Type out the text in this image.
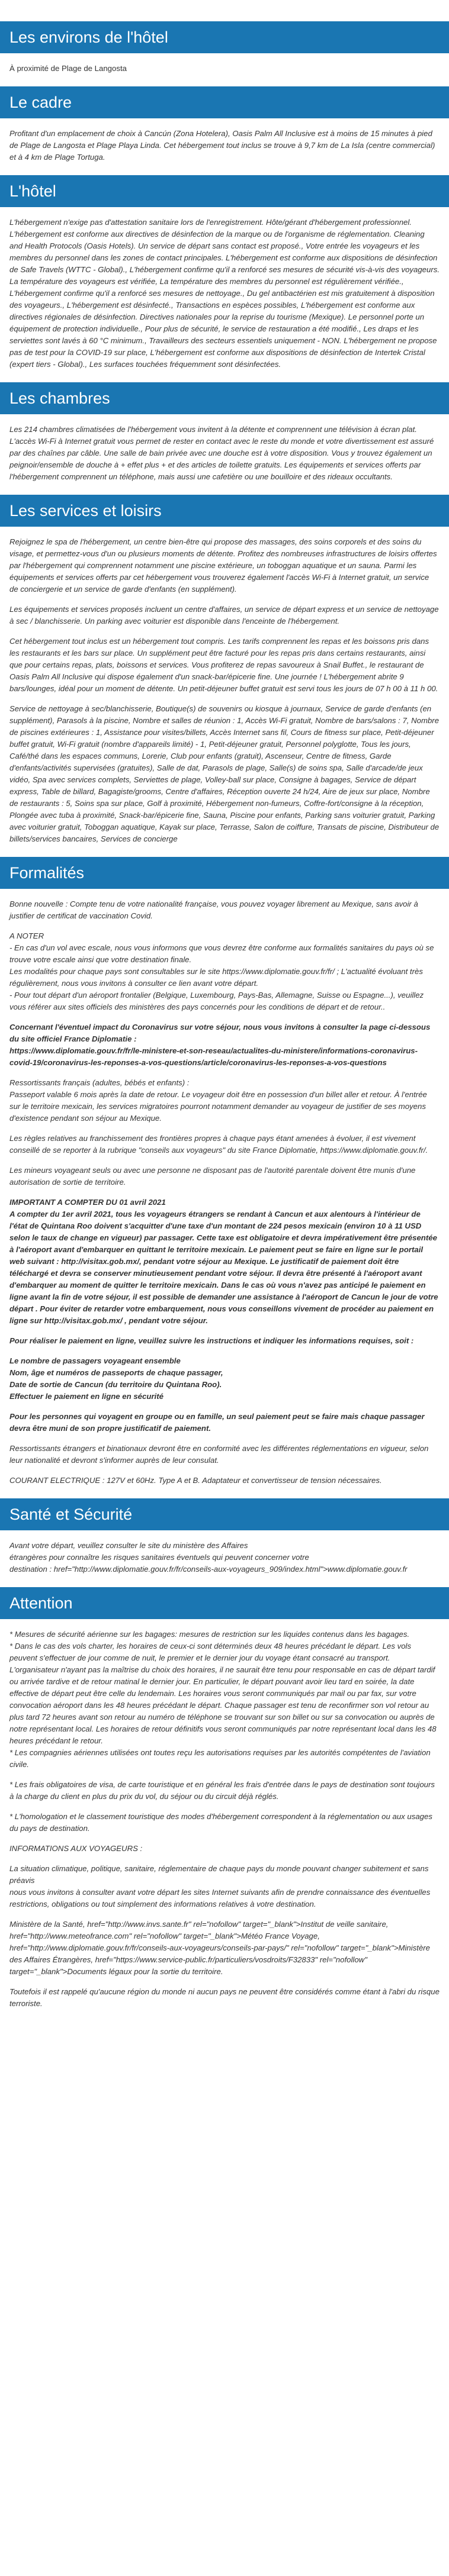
Les environs de l'hôtel

À proximité de Plage de Langosta

Le cadre

Profitant d'un emplacement de choix à Cancún (Zona Hotelera), Oasis Palm All Inclusive est à moins de 15 minutes à pied de Plage de Langosta et Plage Playa Linda. Cet hébergement tout inclus se trouve à 9,7 km de La Isla (centre commercial) et à 4 km de Plage Tortuga.

L'hôtel

L'hébergement n'exige pas d'attestation sanitaire lors de l'enregistrement. Hôte/gérant d'hébergement professionnel. L'hébergement est conforme aux directives de désinfection de la marque ou de l'organisme de réglementation. Cleaning and Health Protocols (Oasis Hotels). Un service de départ sans contact est proposé., Votre entrée les voyageurs et les membres du personnel dans les zones de contact principales. L'hébergement est conforme aux dispositions de désinfection de Safe Travels (WTTC - Global)., L'hébergement confirme qu'il a renforcé ses mesures de sécurité vis-à-vis des voyageurs. La température des voyageurs est vérifiée, La température des membres du personnel est régulièrement vérifiée., L'hébergement confirme qu'il a renforcé ses mesures de nettoyage., Du gel antibactérien est mis gratuitement à disposition des voyageurs., L'hébergement est désinfecté., Transactions en espèces possibles, L'hébergement est conforme aux directives régionales de désinfection. Directives nationales pour la reprise du tourisme (Mexique). Le personnel porte un équipement de protection individuelle., Pour plus de sécurité, le service de restauration a été modifié., Les draps et les serviettes sont lavés à 60 °C minimum., Travailleurs des secteurs essentiels uniquement - NON. L'hébergement ne propose pas de test pour la COVID-19 sur place, L'hébergement est conforme aux dispositions de désinfection de Intertek Cristal (expert tiers - Global)., Les surfaces touchées fréquemment sont désinfectées.

Les chambres

Les 214 chambres climatisées de l'hébergement vous invitent à la détente et comprennent une télévision à écran plat. L'accès Wi-Fi à Internet gratuit vous permet de rester en contact avec le reste du monde et votre divertissement est assuré par des chaînes par câble. Une salle de bain privée avec une douche est à votre disposition. Vous y trouvez également un peignoir/ensemble de douche à + effet plus + et des articles de toilette gratuits. Les équipements et services offerts par l'hébergement comprennent un téléphone, mais aussi une cafetière ou une bouilloire et des rideaux occultants.

Les services et loisirs

Rejoignez le spa de l'hébergement, un centre bien-être qui propose des massages, des soins corporels et des soins du visage, et permettez-vous d'un ou plusieurs moments de détente. Profitez des nombreuses infrastructures de loisirs offertes par l'hébergement qui comprennent notamment une piscine extérieure, un toboggan aquatique et un sauna. Parmi les équipements et services offerts par cet hébergement vous trouverez également l'accès Wi-Fi à Internet gratuit, un service de conciergerie et un service de garde d'enfants (en supplément).

Les équipements et services proposés incluent un centre d'affaires, un service de départ express et un service de nettoyage à sec / blanchisserie. Un parking avec voiturier est disponible dans l'enceinte de l'hébergement.

Cet hébergement tout inclus est un hébergement tout compris. Les tarifs comprennent les repas et les boissons pris dans les restaurants et les bars sur place. Un supplément peut être facturé pour les repas pris dans certains restaurants, ainsi que pour certains repas, plats, boissons et services. Vous profiterez de repas savoureux à Snail Buffet., le restaurant de Oasis Palm All Inclusive qui dispose également d'un snack-bar/épicerie fine. Une journée ! L'hébergement abrite 9 bars/lounges, idéal pour un moment de détente. Un petit-déjeuner buffet gratuit est servi tous les jours de 07 h 00 à 11 h 00.

Service de nettoyage à sec/blanchisserie, Boutique(s) de souvenirs ou kiosque à journaux, Service de garde d'enfants (en supplément), Parasols à la piscine, Nombre et salles de réunion : 1, Accès Wi-Fi gratuit, Nombre de bars/salons : 7, Nombre de piscines extérieures : 1, Assistance pour visites/billets, Accès Internet sans fil, Cours de fitness sur place, Petit-déjeuner buffet gratuit, Wi-Fi gratuit (nombre d'appareils limité) - 1, Petit-déjeuner gratuit, Personnel polyglotte, Tous les jours, Café/thé dans les espaces communs, Lorerie, Club pour enfants (gratuit), Ascenseur, Centre de fitness, Garde d'enfants/activités supervisées (gratuites), Salle de dat, Parasols de plage, Salle(s) de soins spa, Salle d'arcade/de jeux vidéo, Spa avec services complets, Serviettes de plage, Volley-ball sur place, Consigne à bagages, Service de départ express, Table de billard, Bagagiste/grooms, Centre d'affaires, Réception ouverte 24 h/24, Aire de jeux sur place, Nombre de restaurants : 5, Soins spa sur place, Golf à proximité, Hébergement non-fumeurs, Coffre-fort/consigne à la réception, Plongée avec tuba à proximité, Snack-bar/épicerie fine, Sauna, Piscine pour enfants, Parking sans voiturier gratuit, Parking avec voiturier gratuit, Toboggan aquatique, Kayak sur place, Terrasse, Salon de coiffure, Transats de piscine, Distributeur de billets/services bancaires, Services de concierge

Formalités

Bonne nouvelle : Compte tenu de votre nationalité française, vous pouvez voyager librement au Mexique, sans avoir à justifier de certificat de vaccination Covid.

A NOTER
- En cas d'un vol avec escale, nous vous informons que vous devrez être conforme aux formalités sanitaires du pays où se trouve votre escale ainsi que votre destination finale.
Les modalités pour chaque pays sont consultables sur le site https://www.diplomatie.gouv.fr/fr/ ; L'actualité évoluant très régulièrement, nous vous invitons à consulter ce lien avant votre départ.
- Pour tout départ d'un aéroport frontalier (Belgique, Luxembourg, Pays-Bas, Allemagne, Suisse ou Espagne...), veuillez vous référer aux sites officiels des ministères des pays concernés pour les conditions de départ et de retour..

Concernant l'éventuel impact du Coronavirus sur votre séjour, nous vous invitons à consulter la page ci-dessous du site officiel France Diplomatie :
https://www.diplomatie.gouv.fr/fr/le-ministere-et-son-reseau/actualites-du-ministere/informations-coronavirus-covid-19/coronavirus-les-reponses-a-vos-questions/article/coronavirus-les-reponses-a-vos-questions

Ressortissants français (adultes, bébés et enfants) :
Passeport valable 6 mois après la date de retour. Le voyageur doit être en possession d'un billet aller et retour. À l'entrée sur le territoire mexicain, les services migratoires pourront notamment demander au voyageur de justifier de ses moyens d'existence pendant son séjour au Mexique.

Les règles relatives au franchissement des frontières propres à chaque pays étant amenées à évoluer, il est vivement conseillé de se reporter à la rubrique "conseils aux voyageurs" du site France Diplomatie, https://www.diplomatie.gouv.fr/.

Les mineurs voyageant seuls ou avec une personne ne disposant pas de l'autorité parentale doivent être munis d'une autorisation de sortie de territoire.

IMPORTANT A COMPTER DU 01 avril 2021
A compter du 1er avril 2021, tous les voyageurs étrangers se rendant à Cancun et aux alentours à l'intérieur de l'état de Quintana Roo doivent s'acquitter d'une taxe d'un montant de 224 pesos mexicain (environ 10 à 11 USD selon le taux de change en vigueur) par passager. Cette taxe est obligatoire et devra impérativement être présentée à l'aéroport avant d'embarquer en quittant le territoire mexicain. Le paiement peut se faire en ligne sur le portail web suivant : http://visitax.gob.mx/, pendant votre séjour au Mexique. Le justificatif de paiement doit être téléchargé et devra se conserver minutieusement pendant votre séjour. Il devra être présenté à l'aéroport avant d'embarquer au moment de quitter le territoire mexicain. Dans le cas où vous n'avez pas anticipé le paiement en ligne avant la fin de votre séjour, il est possible de demander une assistance à l'aéroport de Cancun le jour de votre départ . Pour éviter de retarder votre embarquement, nous vous conseillons vivement de procéder au paiement en ligne sur http://visitax.gob.mx/ , pendant votre séjour.

Pour réaliser le paiement en ligne, veuillez suivre les instructions et indiquer les informations requises, soit :

Le nombre de passagers voyageant ensemble
Nom, âge et numéros de passeports de chaque passager,
Date de sortie de Cancun (du territoire du Quintana Roo).
Effectuer le paiement en ligne en sécurité

Pour les personnes qui voyagent en groupe ou en famille, un seul paiement peut se faire mais chaque passager devra être muni de son propre justificatif de paiement.

Ressortissants étrangers et binationaux devront être en conformité avec les différentes réglementations en vigueur, selon leur nationalité et devront s'informer auprès de leur consulat.

COURANT ELECTRIQUE : 127V et 60Hz. Type A et B. Adaptateur et convertisseur de tension nécessaires.

Santé et Sécurité

Avant votre départ, veuillez consulter le site du ministère des Affaires
étrangères pour connaître les risques sanitaires éventuels qui peuvent concerner votre
destination : href="http://www.diplomatie.gouv.fr/fr/conseils-aux-voyageurs_909/index.html">www.diplomatie.gouv.fr

Attention

* Mesures de sécurité aérienne sur les bagages: mesures de restriction sur les liquides contenus dans les bagages.
* Dans le cas des vols charter, les horaires de ceux-ci sont déterminés deux 48 heures précédant le départ. Les vols peuvent s'effectuer de jour comme de nuit, le premier et le dernier jour du voyage étant consacré au transport. L'organisateur n'ayant pas la maîtrise du choix des horaires, il ne saurait être tenu pour responsable en cas de départ tardif ou arrivée tardive et de retour matinal le dernier jour. En particulier, le départ pouvant avoir lieu tard en soirée, la date effective de départ peut être celle du lendemain. Les horaires vous seront communiqués par mail ou par fax, sur votre convocation aéroport dans les 48 heures précédant le départ. Chaque passager est tenu de reconfirmer son vol retour au plus tard 72 heures avant son retour au numéro de téléphone se trouvant sur son billet ou sur sa convocation ou auprès de notre représentant local. Les horaires de retour définitifs vous seront communiqués par notre représentant local dans les 48 heures précédant le retour.
* Les compagnies aériennes utilisées ont toutes reçu les autorisations requises par les autorités compétentes de l'aviation civile.

* Les frais obligatoires de visa, de carte touristique et en général les frais d'entrée dans le pays de destination sont toujours à la charge du client en plus du prix du vol, du séjour ou du circuit déjà réglés.

* L'homologation et le classement touristique des modes d'hébergement correspondent à la réglementation ou aux usages du pays de destination.

INFORMATIONS AUX VOYAGEURS :

La situation climatique, politique, sanitaire, réglementaire de chaque pays du monde pouvant changer subitement et sans préavis
nous vous invitons à consulter avant votre départ les sites Internet suivants afin de prendre connaissance des éventuelles restrictions, obligations ou tout simplement des informations relatives à votre destination.

Ministère de la Santé, href="http://www.invs.sante.fr" rel="nofollow" target="_blank">Institut de veille sanitaire, href="http://www.meteofrance.com" rel="nofollow" target="_blank">Météo France Voyage, href="http://www.diplomatie.gouv.fr/fr/conseils-aux-voyageurs/conseils-par-pays/" rel="nofollow" target="_blank">Ministère des Affaires Étrangères, href="https://www.service-public.fr/particuliers/vosdroits/F32833" rel="nofollow" target="_blank">Documents légaux pour la sortie du territoire.

Toutefois il est rappelé qu'aucune région du monde ni aucun pays ne peuvent être considérés comme étant à l'abri du risque terroriste.
